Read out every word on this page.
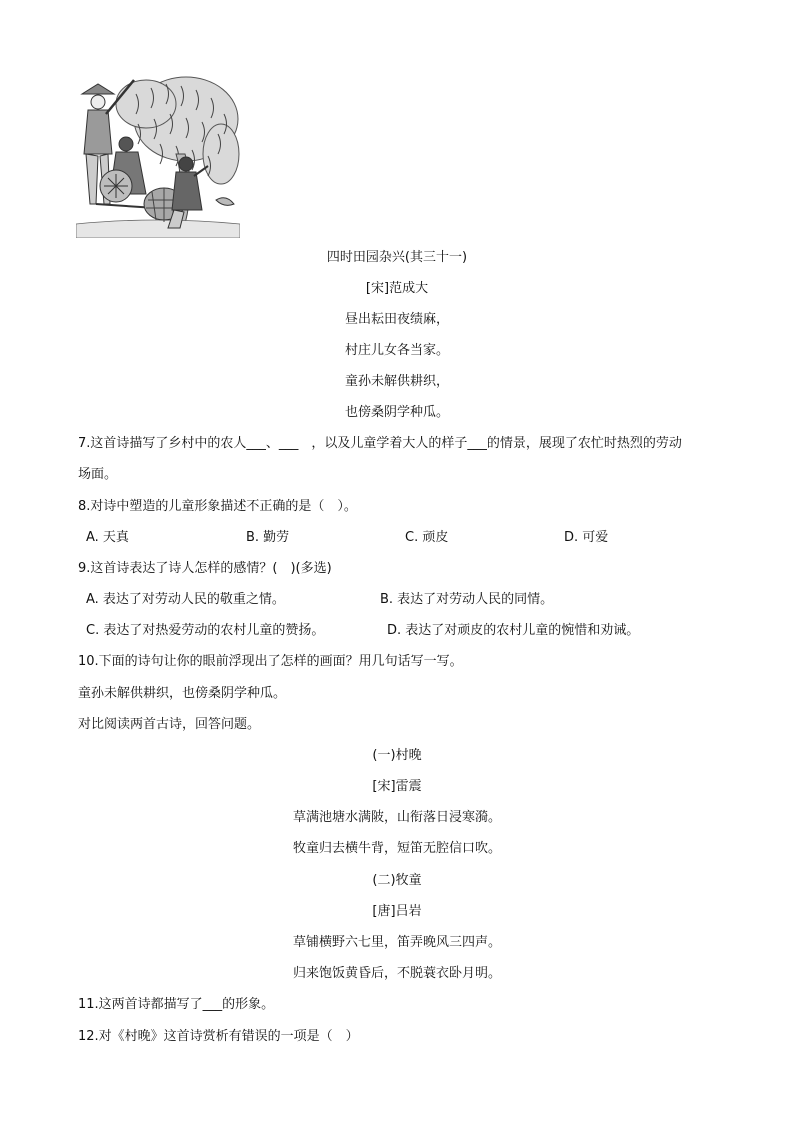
四时田园杂兴(其三十一)
[宋]范成大
昼出耘田夜绩麻，
村庄儿女各当家。
童孙未解供耕织，
也傍桑阴学种瓜。
7.这首诗描写了乡村中的农人___、___　，以及儿童学着大人的样子___的情景，展现了农忙时热烈的劳动
场面。
8.对诗中塑造的儿童形象描述不正确的是（　）。
A. 天真	B. 勤劳	C. 顽皮	D. 可爱
9.这首诗表达了诗人怎样的感情？(　)(多选)
A. 表达了对劳动人民的敬重之情。	B. 表达了对劳动人民的同情。
C. 表达了对热爱劳动的农村儿童的赞扬。	D. 表达了对顽皮的农村儿童的惋惜和劝诫。
10.下面的诗句让你的眼前浮现出了怎样的画面？用几句话写一写。
童孙未解供耕织，也傍桑阴学种瓜。
对比阅读两首古诗，回答问题。
(一)村晚
[宋]雷震
草满池塘水满陂，山衔落日浸寒漪。
牧童归去横牛背，短笛无腔信口吹。
(二)牧童
[唐]吕岩
草铺横野六七里，笛弄晚风三四声。
归来饱饭黄昏后，不脱蓑衣卧月明。
11.这两首诗都描写了___的形象。
12.对《村晚》这首诗赏析有错误的一项是（　）
